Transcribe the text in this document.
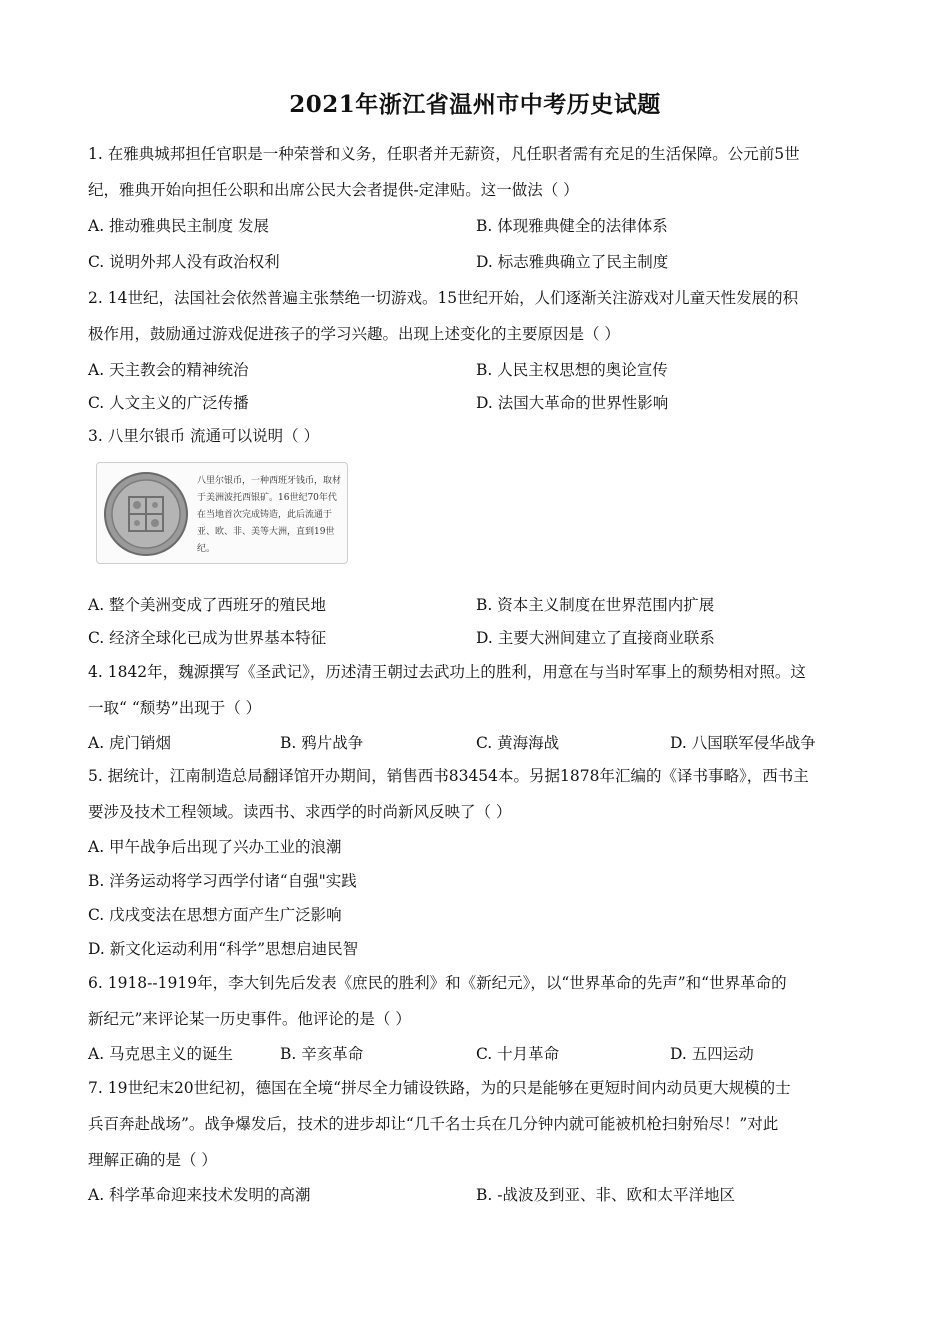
2021年浙江省温州市中考历史试题
1. 在雅典城邦担任官职是一种荣誉和义务，任职者并无薪资，凡任职者需有充足的生活保障。公元前5世
纪，雅典开始向担任公职和出席公民大会者提供-定津贴。这一做法（ ）
A. 推动雅典民主制度 发展	B. 体现雅典健全的法律体系
C. 说明外邦人没有政治权利	D. 标志雅典确立了民主制度
2. 14世纪，法国社会依然普遍主张禁绝一切游戏。15世纪开始，人们逐渐关注游戏对儿童天性发展的积
极作用，鼓励通过游戏促进孩子的学习兴趣。出现上述变化的主要原因是（ ）
A. 天主教会的精神统治	B. 人民主权思想的奥论宣传
C. 人文主义的广泛传播	D. 法国大革命的世界性影响
3. 八里尔银币 流通可以说明（ ）
八里尔银币，一种西班牙钱币，取材于美洲波托西银矿。16世纪70年代在当地首次完成铸造，此后流通于亚、欧、非、美等大洲，直到19世纪。
A. 整个美洲变成了西班牙的殖民地	B. 资本主义制度在世界范围内扩展
C. 经济全球化已成为世界基本特征	D. 主要大洲间建立了直接商业联系
4. 1842年，魏源撰写《圣武记》，历述清王朝过去武功上的胜利，用意在与当时军事上的颓势相对照。这
一取“ “颓势”出现于（ ）
A. 虎门销烟	B. 鸦片战争	C. 黄海海战	D. 八国联军侵华战争
5. 据统计，江南制造总局翻译馆开办期间，销售西书83454本。另据1878年汇编的《译书事略》，西书主
要涉及技术工程领域。读西书、求西学的时尚新风反映了（ ）
A. 甲午战争后出现了兴办工业的浪潮
B. 洋务运动将学习西学付诸“自强"实践
C. 戊戌变法在思想方面产生广泛影响
D. 新文化运动利用“科学”思想启迪民智
6. 1918--1919年，李大钊先后发表《庶民的胜利》和《新纪元》，以“世界革命的先声”和“世界革命的
新纪元”来评论某一历史事件。他评论的是（ ）
A. 马克思主义的诞生	B. 辛亥革命	C. 十月革命	D. 五四运动
7. 19世纪末20世纪初，德国在全境“拼尽全力铺设铁路，为的只是能够在更短时间内动员更大规模的士
兵百奔赴战场”。战争爆发后，技术的进步却让“几千名士兵在几分钟内就可能被机枪扫射殆尽！”对此
理解正确的是（ ）
A. 科学革命迎来技术发明的高潮	B. -战波及到亚、非、欧和太平洋地区
